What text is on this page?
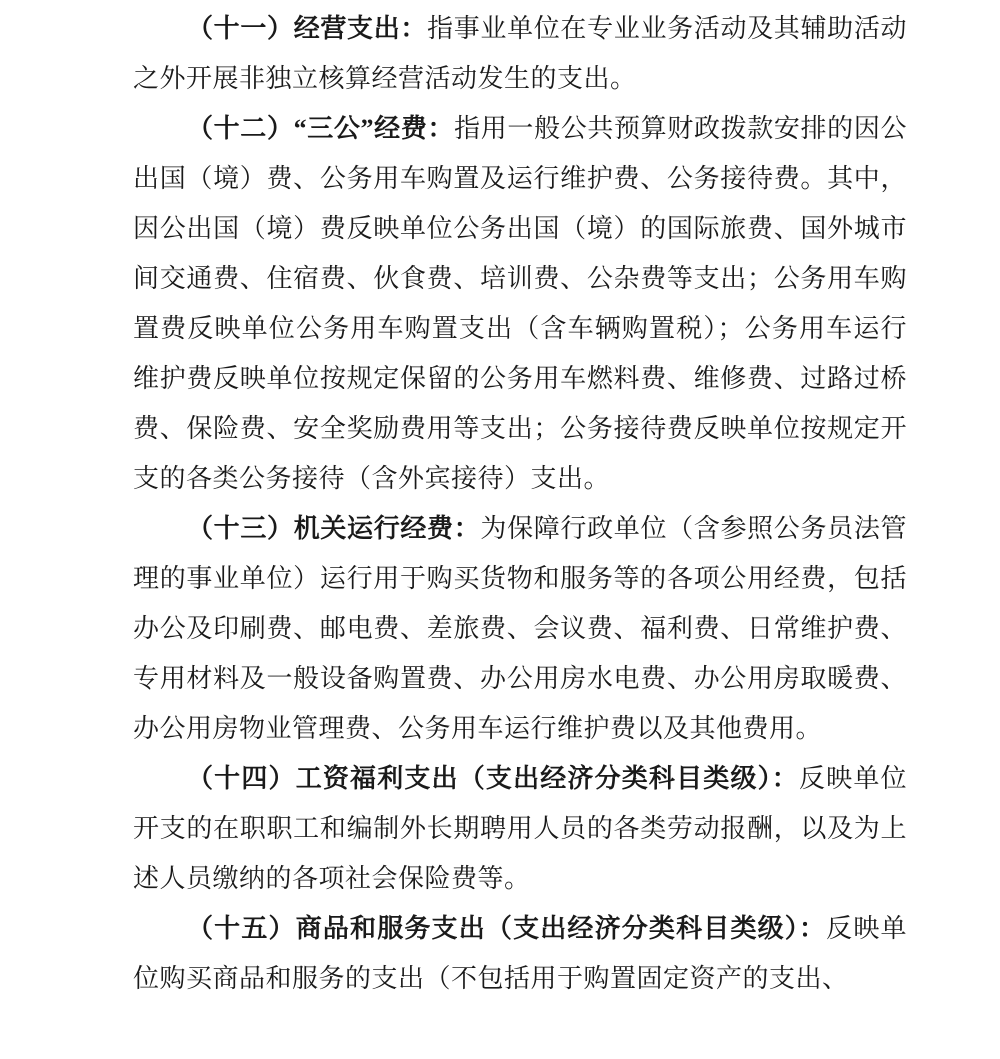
（十一）经营支出：指事业单位在专业业务活动及其辅助活动之外开展非独立核算经营活动发生的支出。

（十二）“三公”经费：指用一般公共预算财政拨款安排的因公出国（境）费、公务用车购置及运行维护费、公务接待费。其中，因公出国（境）费反映单位公务出国（境）的国际旅费、国外城市间交通费、住宿费、伙食费、培训费、公杂费等支出；公务用车购置费反映单位公务用车购置支出（含车辆购置税）；公务用车运行维护费反映单位按规定保留的公务用车燃料费、维修费、过路过桥费、保险费、安全奖励费用等支出；公务接待费反映单位按规定开支的各类公务接待（含外宾接待）支出。

（十三）机关运行经费：为保障行政单位（含参照公务员法管理的事业单位）运行用于购买货物和服务等的各项公用经费，包括办公及印刷费、邮电费、差旅费、会议费、福利费、日常维护费、专用材料及一般设备购置费、办公用房水电费、办公用房取暖费、办公用房物业管理费、公务用车运行维护费以及其他费用。

（十四）工资福利支出（支出经济分类科目类级）：反映单位开支的在职职工和编制外长期聘用人员的各类劳动报酬，以及为上述人员缴纳的各项社会保险费等。

（十五）商品和服务支出（支出经济分类科目类级）：反映单位购买商品和服务的支出（不包括用于购置固定资产的支出、
